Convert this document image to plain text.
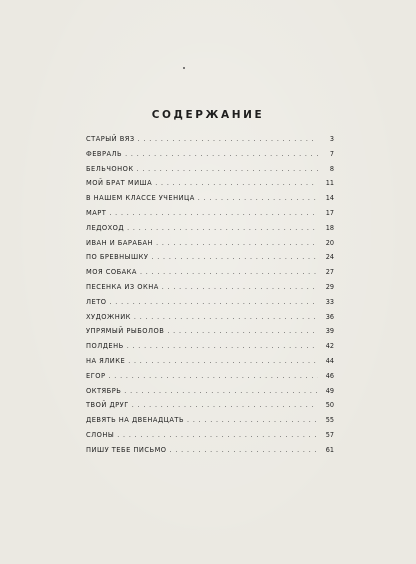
СОДЕРЖАНИЕ
СТАРЫЙ ВЯЗ . . .	3
ФЕВРАЛЬ . . .	7
БЕЛЬЧОНОК . . .	8
МОЙ БРАТ МИША . . .	11
В НАШЕМ КЛАССЕ УЧЕНИЦА . . .	14
МАРТ . . .	17
ЛЕДОХОД . . .	18
ИВАН И БАРАБАН . . .	20
ПО БРЕВНЫШКУ . . .	24
МОЯ СОБАКА . . .	27
ПЕСЕНКА ИЗ ОКНА . . .	29
ЛЕТО . . .	33
ХУДОЖНИК . . .	36
УПРЯМЫЙ РЫБОЛОВ . . .	39
ПОЛДЕНЬ . . .	42
НА ЯЛИКЕ . . .	44
ЕГОР . . .	46
ОКТЯБРЬ . . .	49
ТВОЙ ДРУГ . . .	50
ДЕВЯТЬ НА ДВЕНАДЦАТЬ . . .	55
СЛОНЫ . . .	57
ПИШУ ТЕБЕ ПИСЬМО . . .	61
